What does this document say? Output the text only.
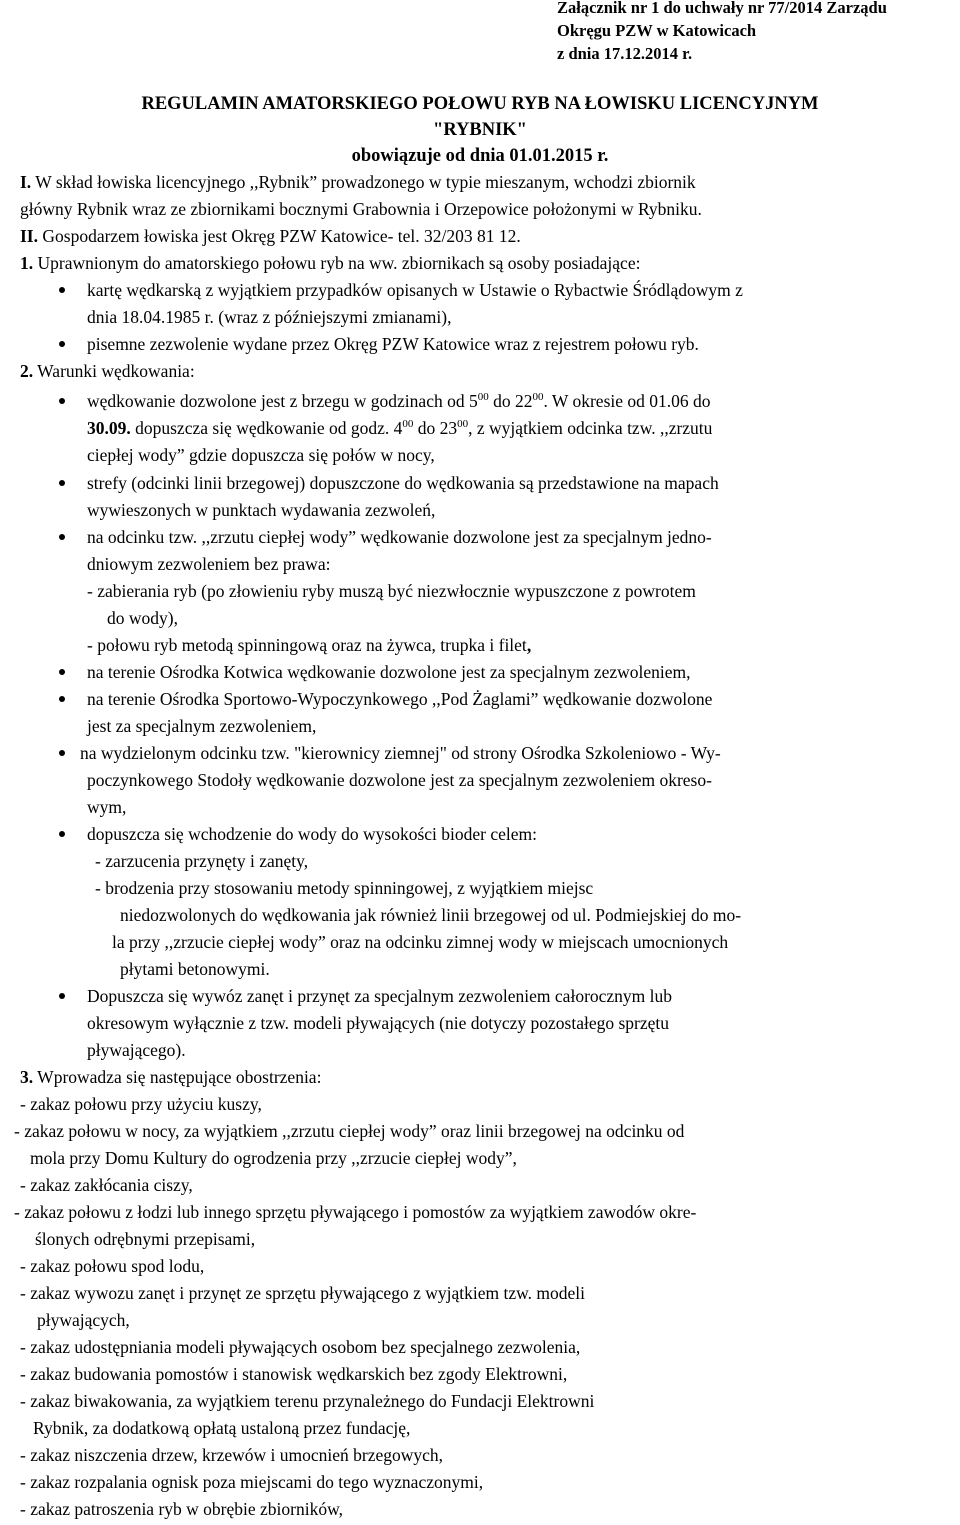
Załącznik nr 1 do uchwały nr 77/2014 Zarządu
Okręgu PZW w Katowicach
z dnia 17.12.2014 r.
REGULAMIN AMATORSKIEGO POŁOWU RYB NA ŁOWISKU LICENCYJNYM
"RYBNIK"
obowiązuje od dnia 01.01.2015 r.
I. W skład łowiska licencyjnego ,,Rybnik” prowadzonego w typie mieszanym, wchodzi zbiornik
główny Rybnik wraz ze zbiornikami bocznymi Grabownia i Orzepowice położonymi w Rybniku.
II. Gospodarzem łowiska jest Okręg PZW Katowice- tel. 32/203 81 12.
1. Uprawnionym do amatorskiego połowu ryb na ww. zbiornikach są osoby posiadające:
kartę wędkarską z wyjątkiem przypadków opisanych w Ustawie o Rybactwie Śródlądowym z
dnia 18.04.1985 r. (wraz z późniejszymi zmianami),
pisemne zezwolenie wydane przez Okręg PZW Katowice wraz z rejestrem połowu ryb.
2. Warunki wędkowania:
wędkowanie dozwolone jest z brzegu w godzinach od $5^{00}$ do $22^{00}$. W okresie od 01.06 do
30.09. dopuszcza się wędkowanie od godz. $4^{00}$ do $23^{00}$, z wyjątkiem odcinka tzw. ,,zrzutu
ciepłej wody” gdzie dopuszcza się połów w nocy,
strefy (odcinki linii brzegowej) dopuszczone do wędkowania są przedstawione na mapach
wywieszonych w punktach wydawania zezwoleń,
na odcinku tzw. ,,zrzutu ciepłej wody” wędkowanie dozwolone jest za specjalnym jedno-
dniowym zezwoleniem bez prawa:
- zabierania ryb (po złowieniu ryby muszą być niezwłocznie wypuszczone z powrotem
do wody),
- połowu ryb metodą spinningową oraz na żywca, trupka i filet,
na terenie Ośrodka Kotwica wędkowanie dozwolone jest za specjalnym zezwoleniem,
na terenie Ośrodka Sportowo-Wypoczynkowego ,,Pod Żaglami” wędkowanie dozwolone
jest za specjalnym zezwoleniem,
na wydzielonym odcinku tzw. "kierownicy ziemnej" od strony Ośrodka Szkoleniowo - Wy-
poczynkowego Stodoły wędkowanie dozwolone jest za specjalnym zezwoleniem okreso-
wym,
dopuszcza się wchodzenie do wody do wysokości bioder celem:
- zarzucenia przynęty i zanęty,
- brodzenia przy stosowaniu metody spinningowej, z wyjątkiem miejsc
niedozwolonych do wędkowania jak również linii brzegowej od ul. Podmiejskiej do mo-
la przy ,,zrzucie ciepłej wody” oraz na odcinku zimnej wody w miejscach umocnionych
płytami betonowymi.
Dopuszcza się wywóz zanęt i przynęt za specjalnym zezwoleniem całorocznym lub
okresowym wyłącznie z tzw. modeli pływających (nie dotyczy pozostałego sprzętu
pływającego).
3. Wprowadza się następujące obostrzenia:
- zakaz połowu przy użyciu kuszy,
- zakaz połowu w nocy, za wyjątkiem ,,zrzutu ciepłej wody” oraz linii brzegowej na odcinku od
mola przy Domu Kultury do ogrodzenia przy ,,zrzucie ciepłej wody”,
- zakaz zakłócania ciszy,
- zakaz połowu z łodzi lub innego sprzętu pływającego i pomostów za wyjątkiem zawodów okre-
ślonych odrębnymi przepisami,
- zakaz połowu spod lodu,
- zakaz wywozu zanęt i przynęt ze sprzętu pływającego z wyjątkiem tzw. modeli
pływających,
- zakaz udostępniania modeli pływających osobom bez specjalnego zezwolenia,
- zakaz budowania pomostów i stanowisk wędkarskich bez zgody Elektrowni,
- zakaz biwakowania, za wyjątkiem terenu przynależnego do Fundacji Elektrowni
Rybnik, za dodatkową opłatą ustaloną przez fundację,
- zakaz niszczenia drzew, krzewów i umocnień brzegowych,
- zakaz rozpalania ognisk poza miejscami do tego wyznaczonymi,
- zakaz patroszenia ryb w obrębie zbiorników,
